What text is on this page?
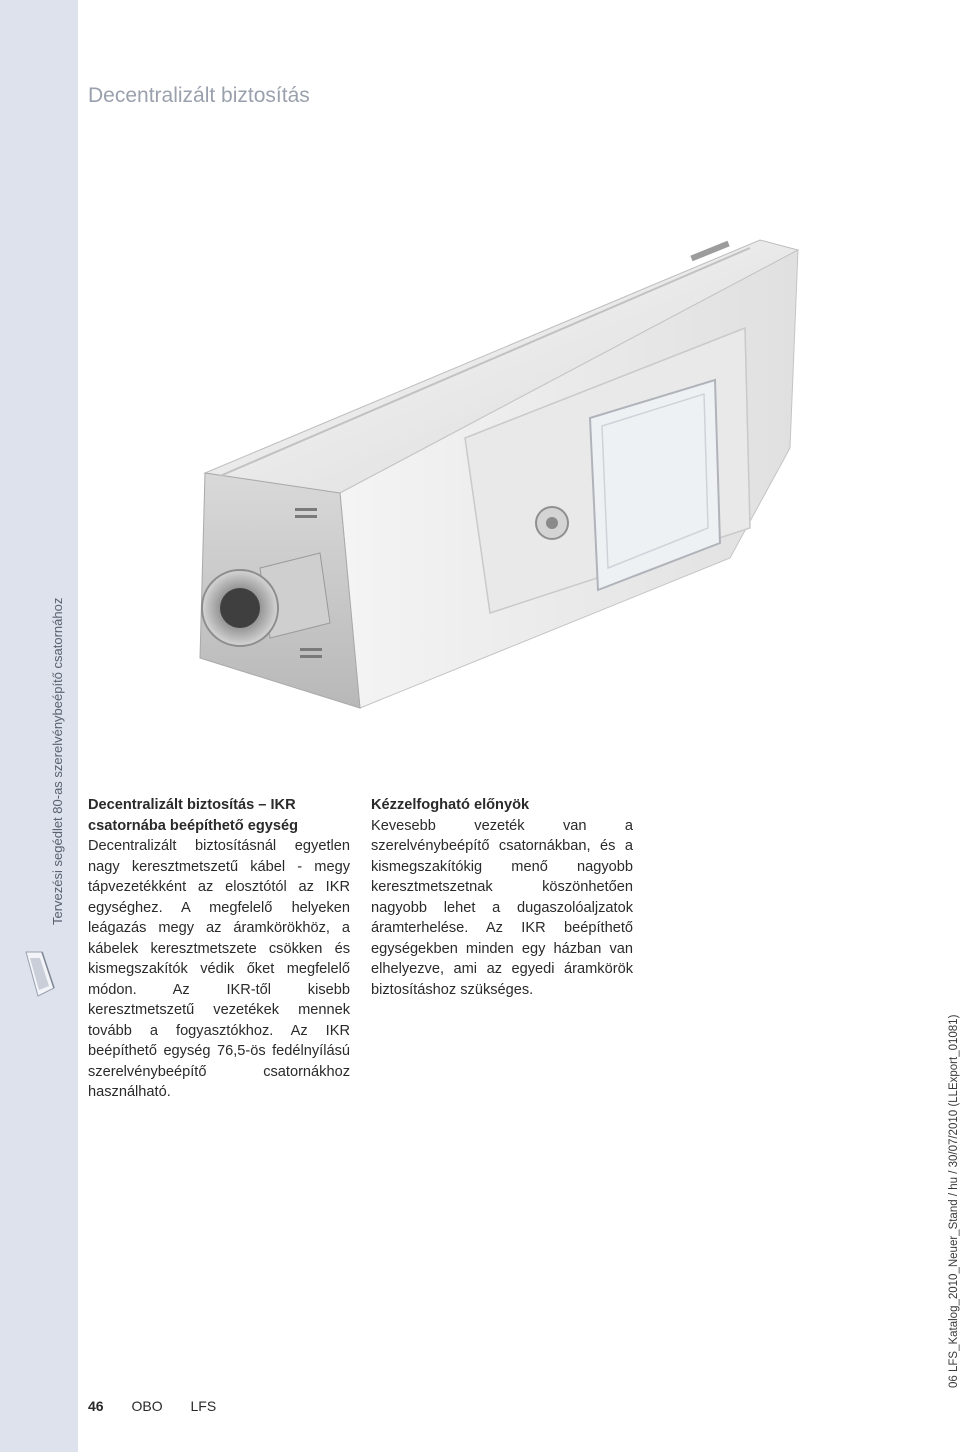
Tervezési segédlet 80-as szerelvénybeépítő csatornához
Decentralizált biztosítás
Decentralizált biztosítás – IKR
csatornába beépíthető egység

Decentralizált biztosításnál egyetlen nagy keresztmetszetű kábel - megy tápvezetékként az elosztótól az IKR egységhez. A megfelelő helyeken leágazás megy az áramkörökhöz, a kábelek keresztmetszete csökken és kismegszakítók védik őket megfelelő módon. Az IKR-től kisebb keresztmetszetű vezetékek mennek tovább a fogyasztókhoz. Az IKR beépíthető egység 76,5-ös fedélnyílású szerelvénybeépítő csatornákhoz használható.

Kézzelfogható előnyök

Kevesebb vezeték van a szerelvénybeépítő csatornákban, és a kismegszakítókig menő nagyobb keresztmetszetnak köszönhetően nagyobb lehet a dugaszolóaljzatok áramterhelése. Az IKR beépíthető egységekben minden egy házban van elhelyezve, ami az egyedi áramkörök biztosításhoz szükséges.

06 LFS_Katalog_2010_Neuer_Stand / hu / 30/07/2010 (LLExport_01081)
46 OBO LFS
